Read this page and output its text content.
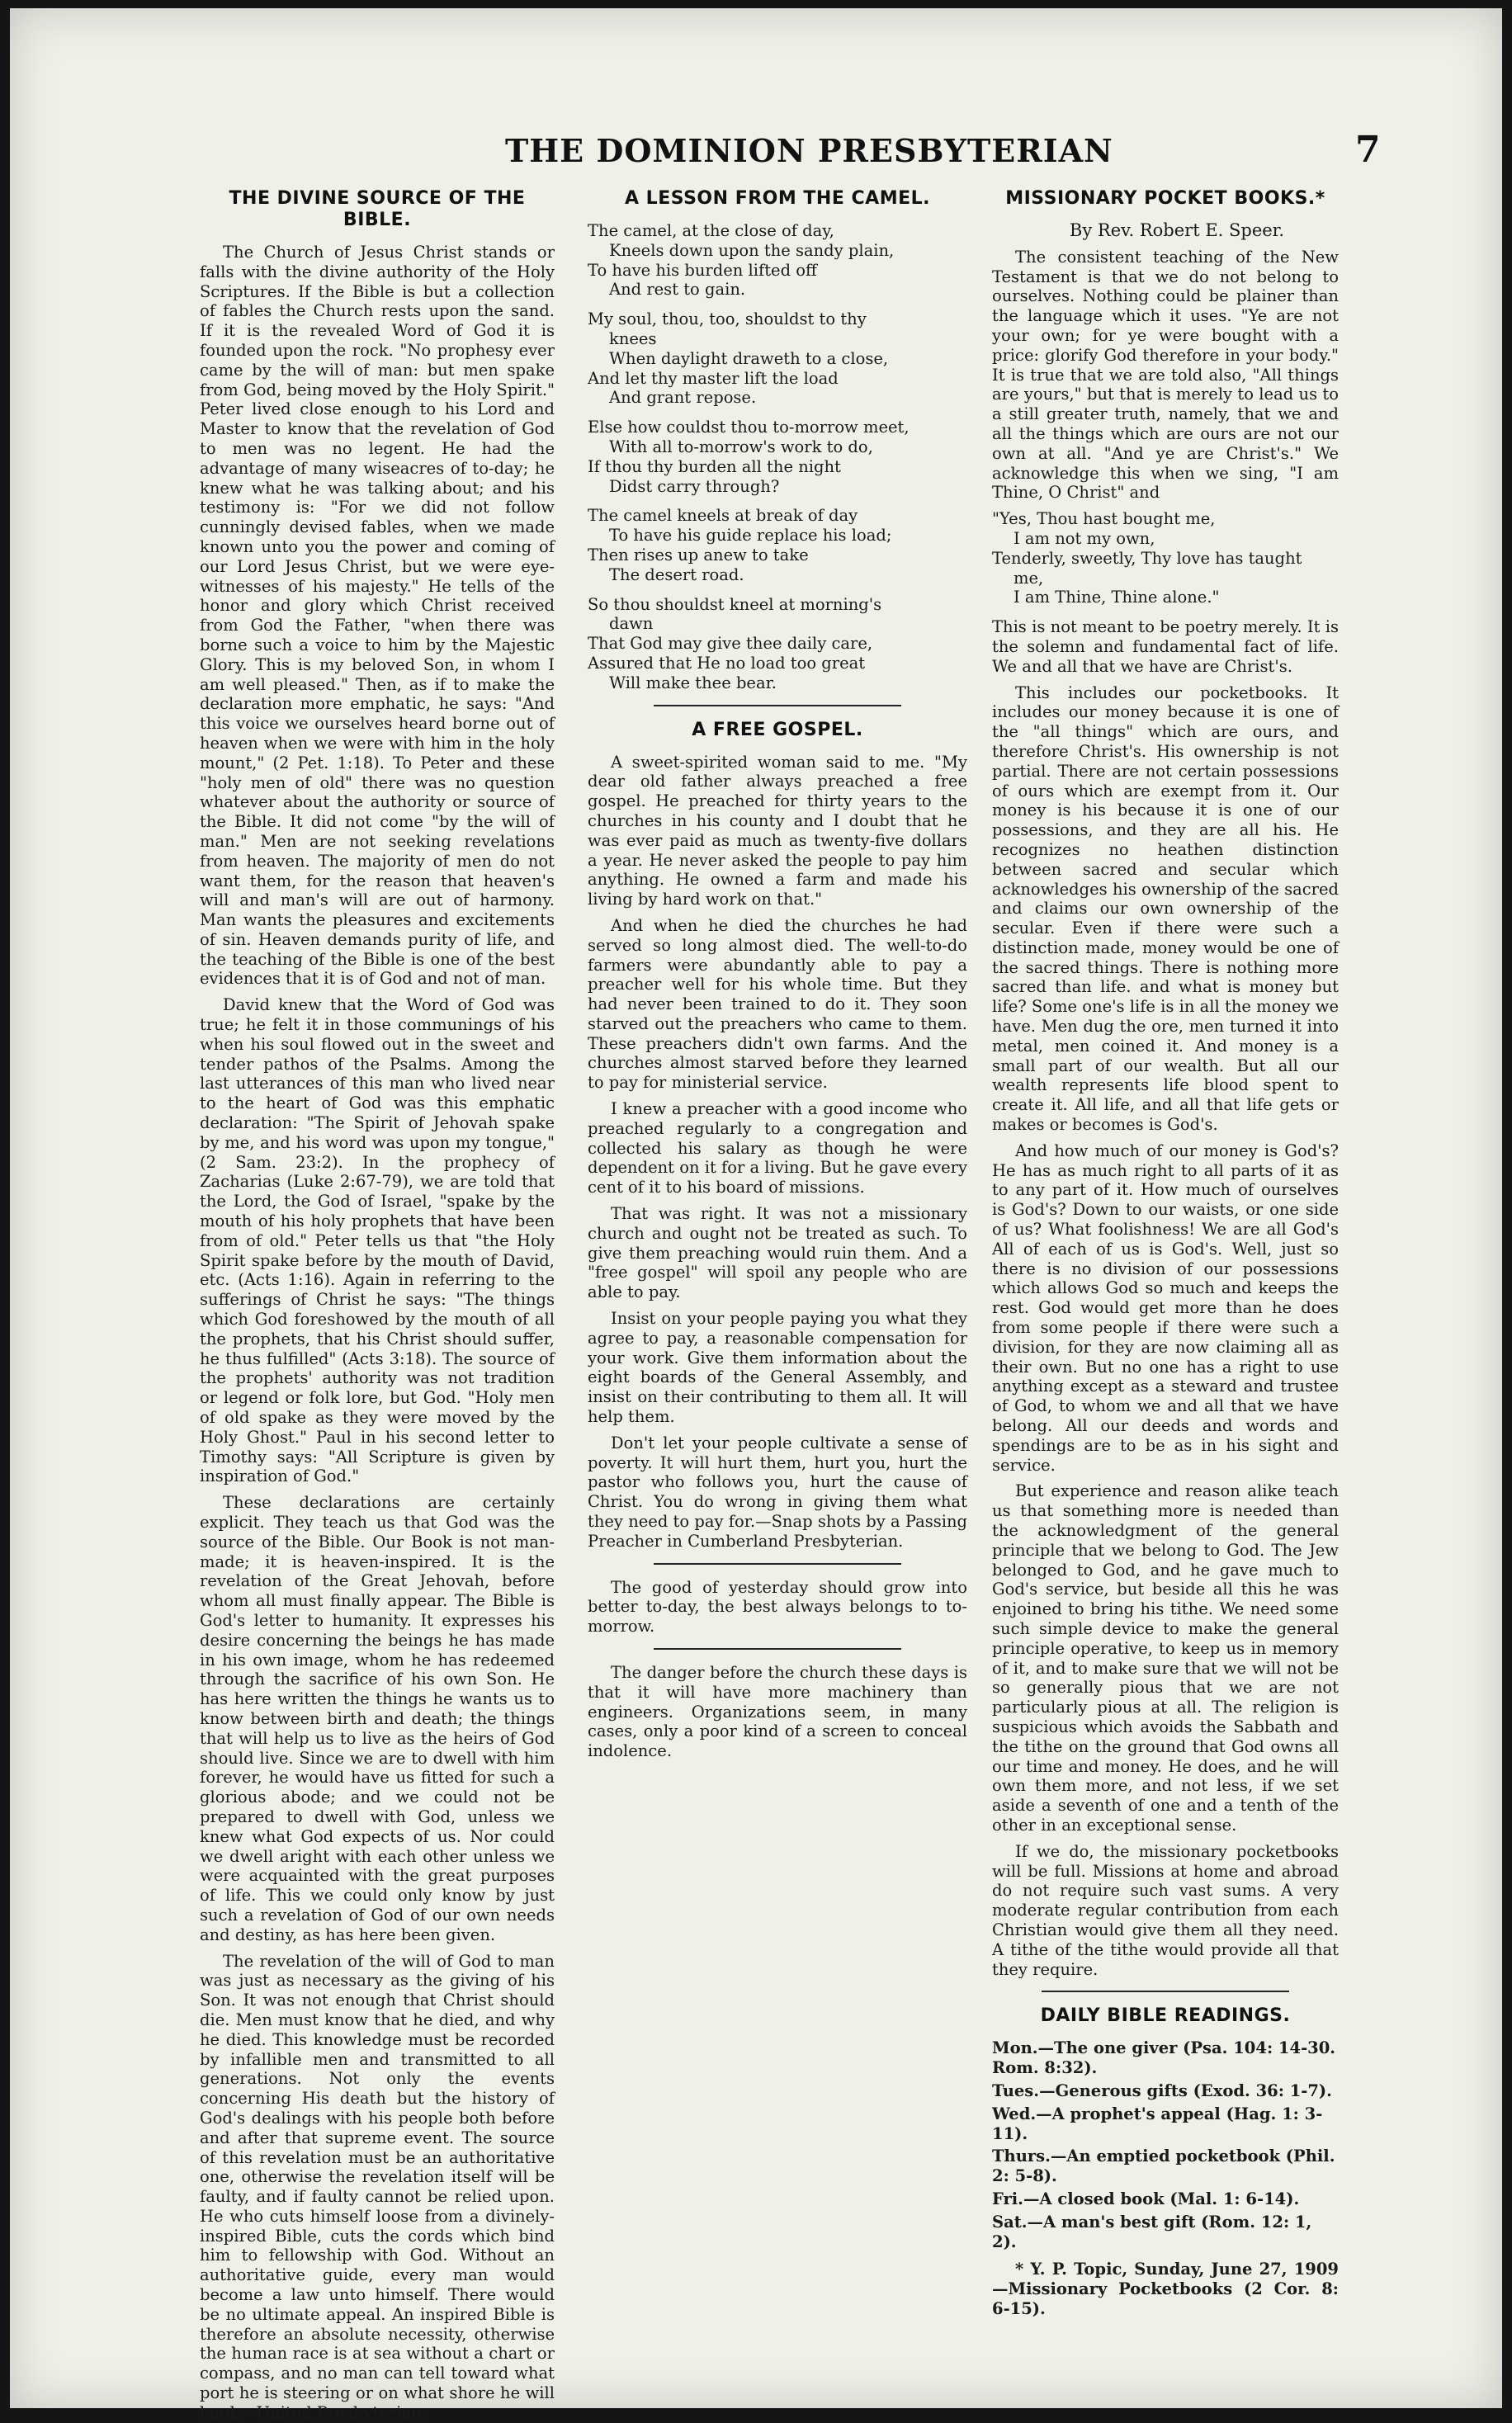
THE DOMINION PRESBYTERIAN	7
THE DIVINE SOURCE OF THE BIBLE.

The Church of Jesus Christ stands or falls with the divine authority of the Holy Scriptures. If the Bible is but a collection of fables the Church rests upon the sand. If it is the revealed Word of God it is founded upon the rock. "No prophesy ever came by the will of man: but men spake from God, being moved by the Holy Spirit." Peter lived close enough to his Lord and Master to know that the revelation of God to men was no legent. He had the advantage of many wiseacres of to-day; he knew what he was talking about; and his testimony is: "For we did not follow cunningly devised fables, when we made known unto you the power and coming of our Lord Jesus Christ, but we were eye-witnesses of his majesty." He tells of the honor and glory which Christ received from God the Father, "when there was borne such a voice to him by the Majestic Glory. This is my beloved Son, in whom I am well pleased." Then, as if to make the declaration more emphatic, he says: "And this voice we ourselves heard borne out of heaven when we were with him in the holy mount," (2 Pet. 1:18). To Peter and these "holy men of old" there was no question whatever about the authority or source of the Bible. It did not come "by the will of man." Men are not seeking revelations from heaven. The majority of men do not want them, for the reason that heaven's will and man's will are out of harmony. Man wants the pleasures and excitements of sin. Heaven demands purity of life, and the teaching of the Bible is one of the best evidences that it is of God and not of man.

David knew that the Word of God was true; he felt it in those communings of his when his soul flowed out in the sweet and tender pathos of the Psalms. Among the last utterances of this man who lived near to the heart of God was this emphatic declaration: "The Spirit of Jehovah spake by me, and his word was upon my tongue," (2 Sam. 23:2). In the prophecy of Zacharias (Luke 2:67-79), we are told that the Lord, the God of Israel, "spake by the mouth of his holy prophets that have been from of old." Peter tells us that "the Holy Spirit spake before by the mouth of David, etc. (Acts 1:16). Again in referring to the sufferings of Christ he says: "The things which God foreshowed by the mouth of all the prophets, that his Christ should suffer, he thus fulfilled" (Acts 3:18). The source of the prophets' authority was not tradition or legend or folk lore, but God. "Holy men of old spake as they were moved by the Holy Ghost." Paul in his second letter to Timothy says: "All Scripture is given by inspiration of God."

These declarations are certainly explicit. They teach us that God was the source of the Bible. Our Book is not man-made; it is heaven-inspired. It is the revelation of the Great Jehovah, before whom all must finally appear. The Bible is God's letter to humanity. It expresses his desire concerning the beings he has made in his own image, whom he has redeemed through the sacrifice of his own Son. He has here written the things he wants us to know between birth and death; the things that will help us to live as the heirs of God should live. Since we are to dwell with him forever, he would have us fitted for such a glorious abode; and we could not be prepared to dwell with God, unless we knew what God expects of us. Nor could we dwell aright with each other unless we were acquainted with the great purposes of life. This we could only know by just such a revelation of God of our own needs and destiny, as has here been given.

The revelation of the will of God to man was just as necessary as the giving of his Son. It was not enough that Christ should die. Men must know that he died, and why he died. This knowledge must be recorded by infallible men and transmitted to all generations. Not only the events concerning His death but the history of God's dealings with his people both before and after that supreme event. The source of this revelation must be an authoritative one, otherwise the revelation itself will be faulty, and if faulty cannot be relied upon. He who cuts himself loose from a divinely-inspired Bible, cuts the cords which bind him to fellowship with God. Without an authoritative guide, every man would become a law unto himself. There would be no ultimate appeal. An inspired Bible is therefore an absolute necessity, otherwise the human race is at sea without a chart or compass, and no man can tell toward what port he is steering or on what shore he will land.—United Presbyterian.

A LESSON FROM THE CAMEL.
The camel, at the close of day,
Kneels down upon the sandy plain,
To have his burden lifted off
And rest to gain.
My soul, thou, too, shouldst to thy
knees
When daylight draweth to a close,
And let thy master lift the load
And grant repose.
Else how couldst thou to-morrow meet,
With all to-morrow's work to do,
If thou thy burden all the night
Didst carry through?
The camel kneels at break of day
To have his guide replace his load;
Then rises up anew to take
The desert road.
So thou shouldst kneel at morning's
dawn
That God may give thee daily care,
Assured that He no load too great
Will make thee bear.
A FREE GOSPEL.

A sweet-spirited woman said to me. "My dear old father always preached a free gospel. He preached for thirty years to the churches in his county and I doubt that he was ever paid as much as twenty-five dollars a year. He never asked the people to pay him anything. He owned a farm and made his living by hard work on that."

And when he died the churches he had served so long almost died. The well-to-do farmers were abundantly able to pay a preacher well for his whole time. But they had never been trained to do it. They soon starved out the preachers who came to them. These preachers didn't own farms. And the churches almost starved before they learned to pay for ministerial service.

I knew a preacher with a good income who preached regularly to a congregation and collected his salary as though he were dependent on it for a living. But he gave every cent of it to his board of missions.

That was right. It was not a missionary church and ought not be treated as such. To give them preaching would ruin them. And a "free gospel" will spoil any people who are able to pay.

Insist on your people paying you what they agree to pay, a reasonable compensation for your work. Give them information about the eight boards of the General Assembly, and insist on their contributing to them all. It will help them.

Don't let your people cultivate a sense of poverty. It will hurt them, hurt you, hurt the pastor who follows you, hurt the cause of Christ. You do wrong in giving them what they need to pay for.—Snap shots by a Passing Preacher in Cumberland Presbyterian.

The good of yesterday should grow into better to-day, the best always belongs to to-morrow.

The danger before the church these days is that it will have more machinery than engineers. Organizations seem, in many cases, only a poor kind of a screen to conceal indolence.

MISSIONARY POCKET BOOKS.*

By Rev. Robert E. Speer.

The consistent teaching of the New Testament is that we do not belong to ourselves. Nothing could be plainer than the language which it uses. "Ye are not your own; for ye were bought with a price: glorify God therefore in your body." It is true that we are told also, "All things are yours," but that is merely to lead us to a still greater truth, namely, that we and all the things which are ours are not our own at all. "And ye are Christ's." We acknowledge this when we sing, "I am Thine, O Christ" and

"Yes, Thou hast bought me,
I am not my own,
Tenderly, sweetly, Thy love has taught
me,
I am Thine, Thine alone."

This is not meant to be poetry merely. It is the solemn and fundamental fact of life. We and all that we have are Christ's.

This includes our pocketbooks. It includes our money because it is one of the "all things" which are ours, and therefore Christ's. His ownership is not partial. There are not certain possessions of ours which are exempt from it. Our money is his because it is one of our possessions, and they are all his. He recognizes no heathen distinction between sacred and secular which acknowledges his ownership of the sacred and claims our own ownership of the secular. Even if there were such a distinction made, money would be one of the sacred things. There is nothing more sacred than life. and what is money but life? Some one's life is in all the money we have. Men dug the ore, men turned it into metal, men coined it. And money is a small part of our wealth. But all our wealth represents life blood spent to create it. All life, and all that life gets or makes or becomes is God's.

And how much of our money is God's? He has as much right to all parts of it as to any part of it. How much of ourselves is God's? Down to our waists, or one side of us? What foolishness! We are all God's All of each of us is God's. Well, just so there is no division of our possessions which allows God so much and keeps the rest. God would get more than he does from some people if there were such a division, for they are now claiming all as their own. But no one has a right to use anything except as a steward and trustee of God, to whom we and all that we have belong. All our deeds and words and spendings are to be as in his sight and service.

But experience and reason alike teach us that something more is needed than the acknowledgment of the general principle that we belong to God. The Jew belonged to God, and he gave much to God's service, but beside all this he was enjoined to bring his tithe. We need some such simple device to make the general principle operative, to keep us in memory of it, and to make sure that we will not be so generally pious that we are not particularly pious at all. The religion is suspicious which avoids the Sabbath and the tithe on the ground that God owns all our time and money. He does, and he will own them more, and not less, if we set aside a seventh of one and a tenth of the other in an exceptional sense.

If we do, the missionary pocketbooks will be full. Missions at home and abroad do not require such vast sums. A very moderate regular contribution from each Christian would give them all they need. A tithe of the tithe would provide all that they require.

DAILY BIBLE READINGS.
Mon.—The one giver (Psa. 104: 14-30. Rom. 8:32).
Tues.—Generous gifts (Exod. 36: 1-7).
Wed.—A prophet's appeal (Hag. 1: 3-11).
Thurs.—An emptied pocketbook (Phil. 2: 5-8).
Fri.—A closed book (Mal. 1: 6-14).
Sat.—A man's best gift (Rom. 12: 1, 2).

* Y. P. Topic, Sunday, June 27, 1909—Missionary Pocketbooks (2 Cor. 8: 6-15).
